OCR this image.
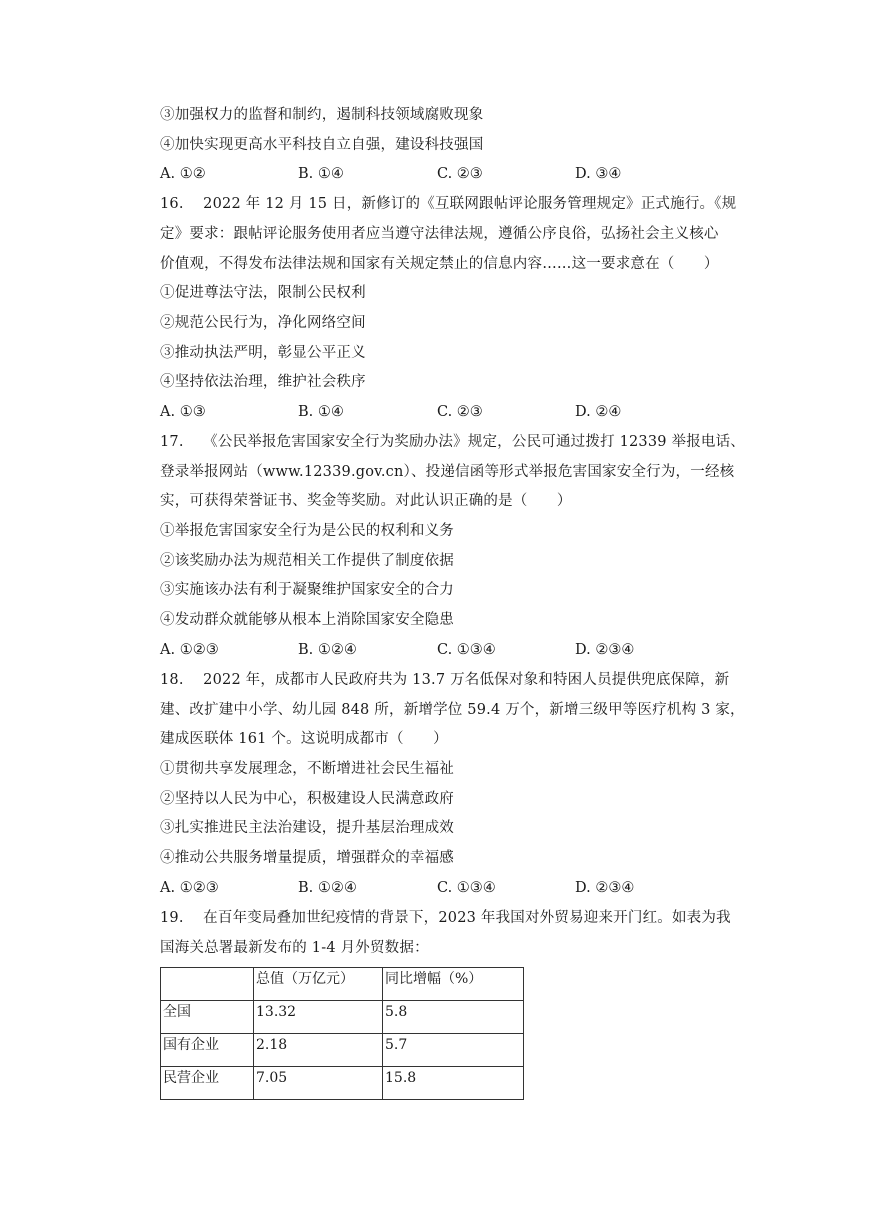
③加强权力的监督和制约，遏制科技领域腐败现象
④加快实现更高水平科技自立自强，建设科技强国
A. ①②	B. ①④	C. ②③	D. ③④
16.　 2022 年 12 月 15 日，新修订的《互联网跟帖评论服务管理规定》正式施行。《规
定》要求：跟帖评论服务使用者应当遵守法律法规，遵循公序良俗，弘扬社会主义核心
价值观，不得发布法律法规和国家有关规定禁止的信息内容……这一要求意在（　　）
①促进尊法守法，限制公民权利
②规范公民行为，净化网络空间
③推动执法严明，彰显公平正义
④坚持依法治理，维护社会秩序
A. ①③	B. ①④	C. ②③	D. ②④
17.　 《公民举报危害国家安全行为奖励办法》规定，公民可通过拨打 12339 举报电话、
登录举报网站（www.12339.gov.cn）、投递信函等形式举报危害国家安全行为，一经核
实，可获得荣誉证书、奖金等奖励。对此认识正确的是（　　）
①举报危害国家安全行为是公民的权利和义务
②该奖励办法为规范相关工作提供了制度依据
③实施该办法有利于凝聚维护国家安全的合力
④发动群众就能够从根本上消除国家安全隐患
A. ①②③	B. ①②④	C. ①③④	D. ②③④
18.　 2022 年，成都市人民政府共为 13.7 万名低保对象和特困人员提供兜底保障，新
建、改扩建中小学、幼儿园 848 所，新增学位 59.4 万个，新增三级甲等医疗机构 3 家，
建成医联体 161 个。这说明成都市（　　）
①贯彻共享发展理念，不断增进社会民生福祉
②坚持以人民为中心，积极建设人民满意政府
③扎实推进民主法治建设，提升基层治理成效
④推动公共服务增量提质，增强群众的幸福感
A. ①②③	B. ①②④	C. ①③④	D. ②③④
19.　 在百年变局叠加世纪疫情的背景下，2023 年我国对外贸易迎来开门红。如表为我
国海关总署最新发布的 1-4 月外贸数据：
	总值（万亿元）	同比增幅（%）
全国	13.32	5.8
国有企业	2.18	5.7
民营企业	7.05	15.8
